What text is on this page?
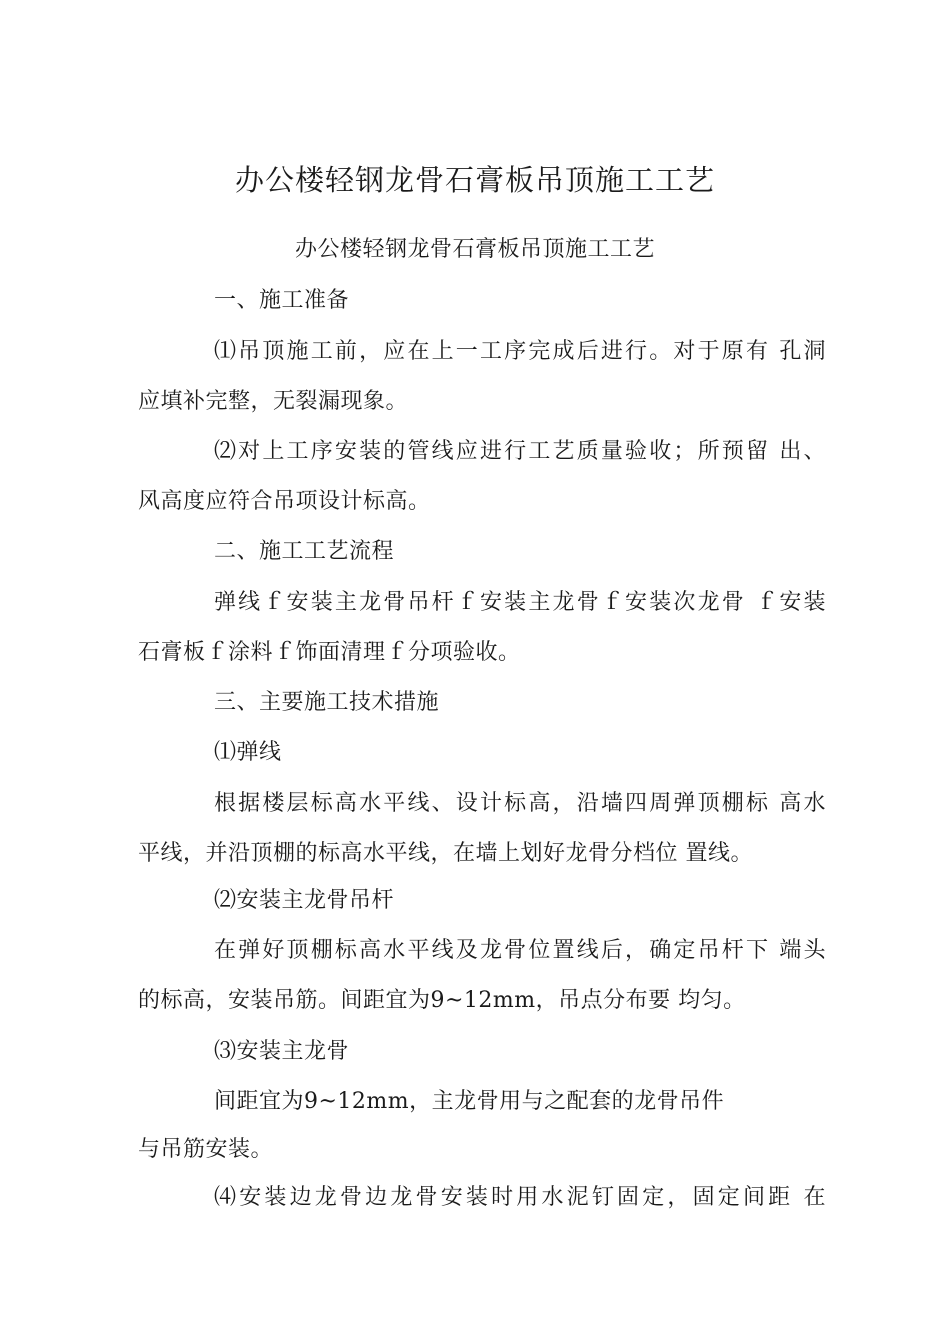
办公楼轻钢龙骨石膏板吊顶施工工艺
办公楼轻钢龙骨石膏板吊顶施工工艺
一、施工准备
⑴吊顶施工前，应在上一工序完成后进行。对于原有 孔洞
应填补完整，无裂漏现象。
⑵对上工序安装的管线应进行工艺质量验收；所预留 出、
风高度应符合吊项设计标高。
二、施工工艺流程
弹线ｆ安装主龙骨吊杆ｆ安装主龙骨ｆ安装次龙骨 ｆ安装
石膏板ｆ涂料ｆ饰面清理ｆ分项验收。
三、主要施工技术措施
⑴弹线
根据楼层标高水平线、设计标高，沿墙四周弹顶棚标 高水
平线，并沿顶棚的标高水平线，在墙上划好龙骨分档位 置线。
⑵安装主龙骨吊杆
在弹好顶棚标高水平线及龙骨位置线后，确定吊杆下 端头
的标高，安装吊筋。间距宜为9~12mm，吊点分布要 均匀。
⑶安装主龙骨
间距宜为9~12mm，主龙骨用与之配套的龙骨吊件
与吊筋安装。
⑷安装边龙骨边龙骨安装时用水泥钉固定，固定间距 在
